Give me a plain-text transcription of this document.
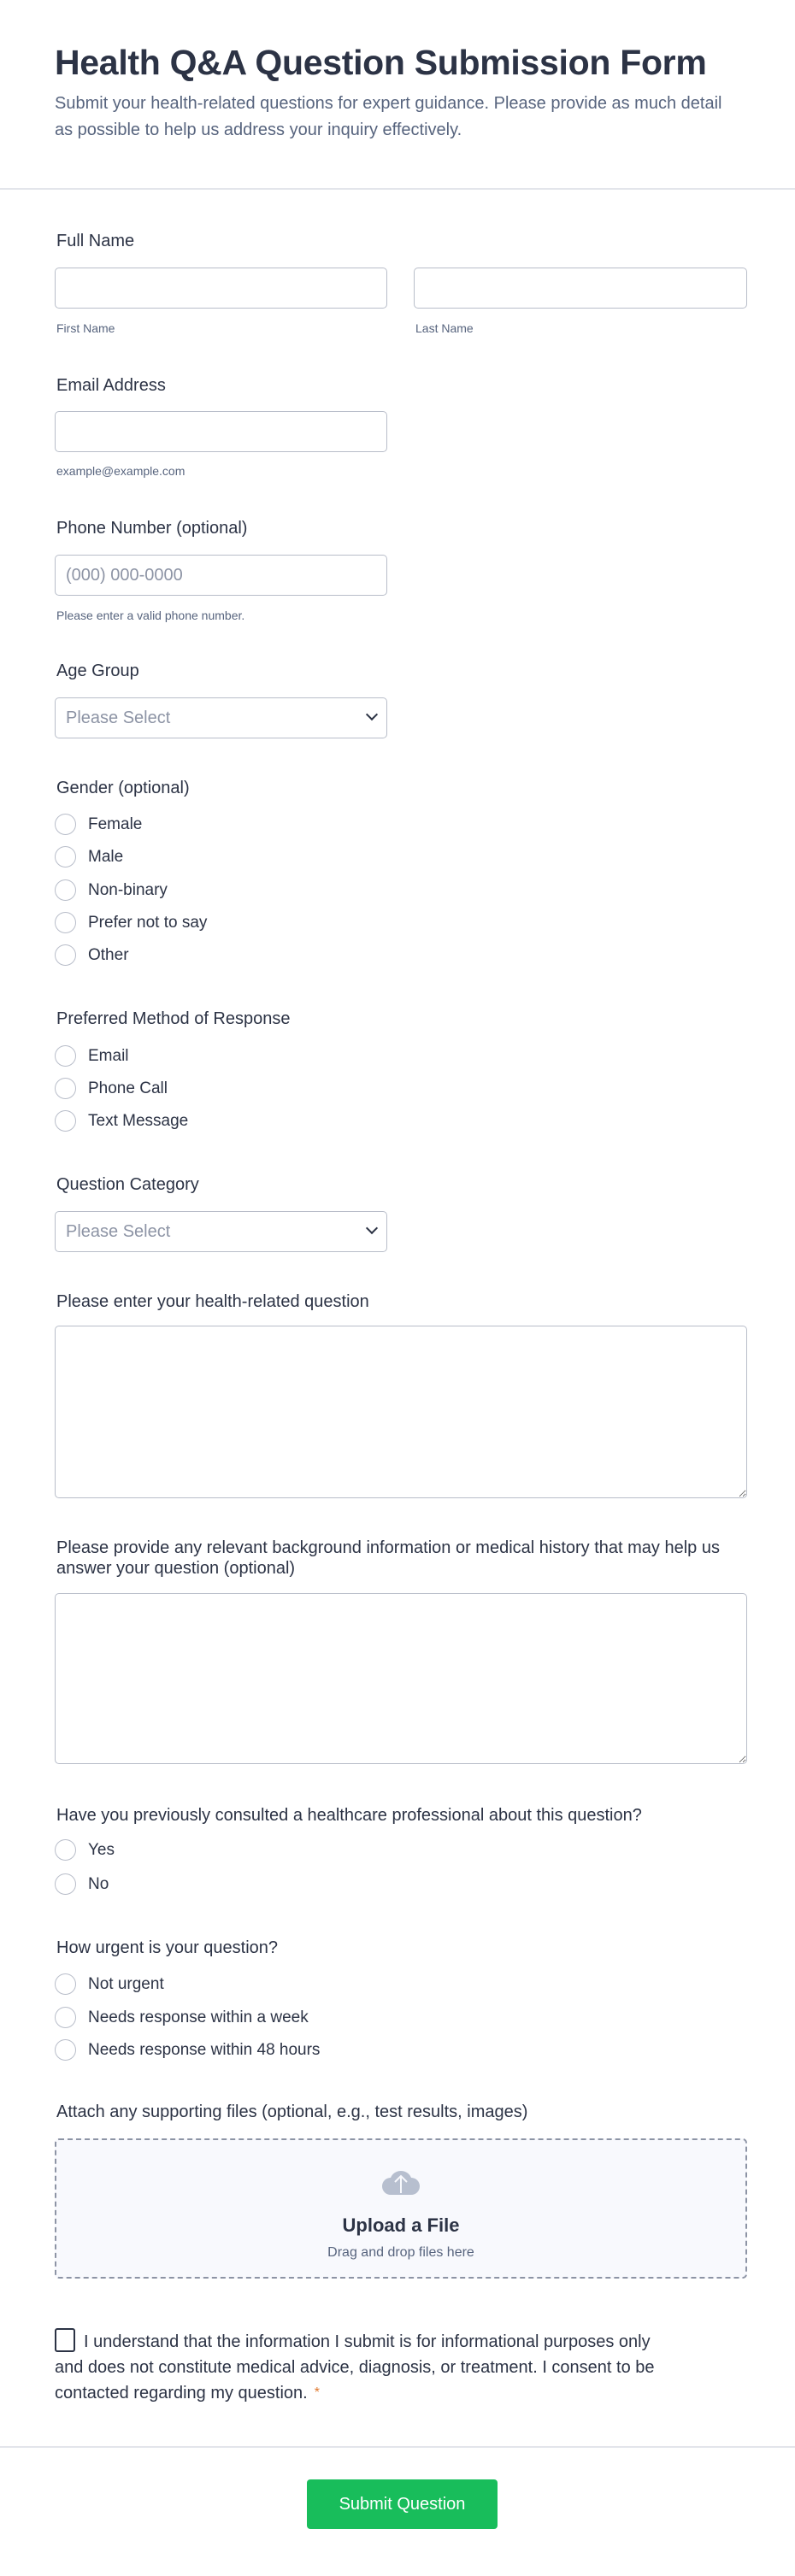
Health Q&A Question Submission Form

Submit your health-related questions for expert guidance. Please provide as much detail as possible to help us address your inquiry effectively.

Full Name
First Name	Last Name
Email Address
example@example.com
Phone Number (optional)
(000) 000-0000
Please enter a valid phone number.
Age Group
Please Select
Gender (optional)
Female
Male
Non-binary
Prefer not to say
Other
Preferred Method of Response
Email
Phone Call
Text Message
Question Category
Please Select
Please enter your health-related question
Please provide any relevant background information or medical history that may help us answer your question (optional)
Have you previously consulted a healthcare professional about this question?
Yes
No
How urgent is your question?
Not urgent
Needs response within a week
Needs response within 48 hours
Attach any supporting files (optional, e.g., test results, images)
Upload a File
Drag and drop files here
I understand that the information I submit is for informational purposes only and does not constitute medical advice, diagnosis, or treatment. I consent to be contacted regarding my question. *
Submit Question
